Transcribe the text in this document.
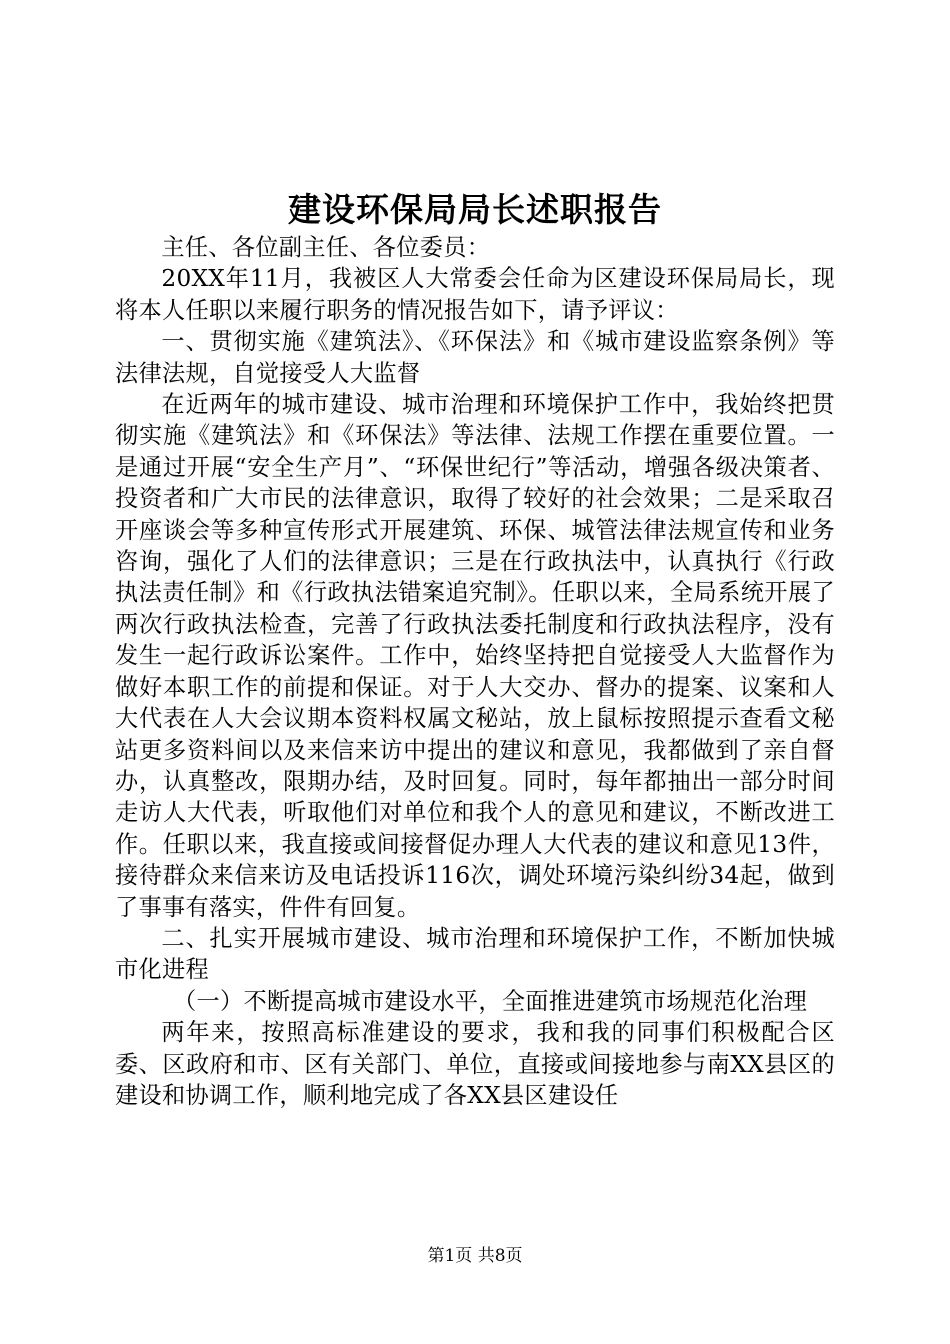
建设环保局局长述职报告

主任、各位副主任、各位委员：

20XX年11月，我被区人大常委会任命为区建设环保局局长，现将本人任职以来履行职务的情况报告如下，请予评议：

一、贯彻实施《建筑法》、《环保法》和《城市建设监察条例》等法律法规，自觉接受人大监督

在近两年的城市建设、城市治理和环境保护工作中，我始终把贯彻实施《建筑法》和《环保法》等法律、法规工作摆在重要位置。一是通过开展“安全生产月”、“环保世纪行”等活动，增强各级决策者、投资者和广大市民的法律意识，取得了较好的社会效果；二是采取召开座谈会等多种宣传形式开展建筑、环保、城管法律法规宣传和业务咨询，强化了人们的法律意识；三是在行政执法中，认真执行《行政执法责任制》和《行政执法错案追究制》。任职以来，全局系统开展了两次行政执法检查，完善了行政执法委托制度和行政执法程序，没有发生一起行政诉讼案件。工作中，始终坚持把自觉接受人大监督作为做好本职工作的前提和保证。对于人大交办、督办的提案、议案和人大代表在人大会议期本资料权属文秘站，放上鼠标按照提示查看文秘站更多资料间以及来信来访中提出的建议和意见，我都做到了亲自督办，认真整改，限期办结，及时回复。同时，每年都抽出一部分时间走访人大代表，听取他们对单位和我个人的意见和建议，不断改进工作。任职以来，我直接或间接督促办理人大代表的建议和意见13件，接待群众来信来访及电话投诉116次，调处环境污染纠纷34起，做到了事事有落实，件件有回复。

二、扎实开展城市建设、城市治理和环境保护工作，不断加快城市化进程

（一）不断提高城市建设水平，全面推进建筑市场规范化治理

两年来，按照高标准建设的要求，我和我的同事们积极配合区委、区政府和市、区有关部门、单位，直接或间接地参与南XX县区的建设和协调工作，顺利地完成了各XX县区建设任

第1页 共8页
